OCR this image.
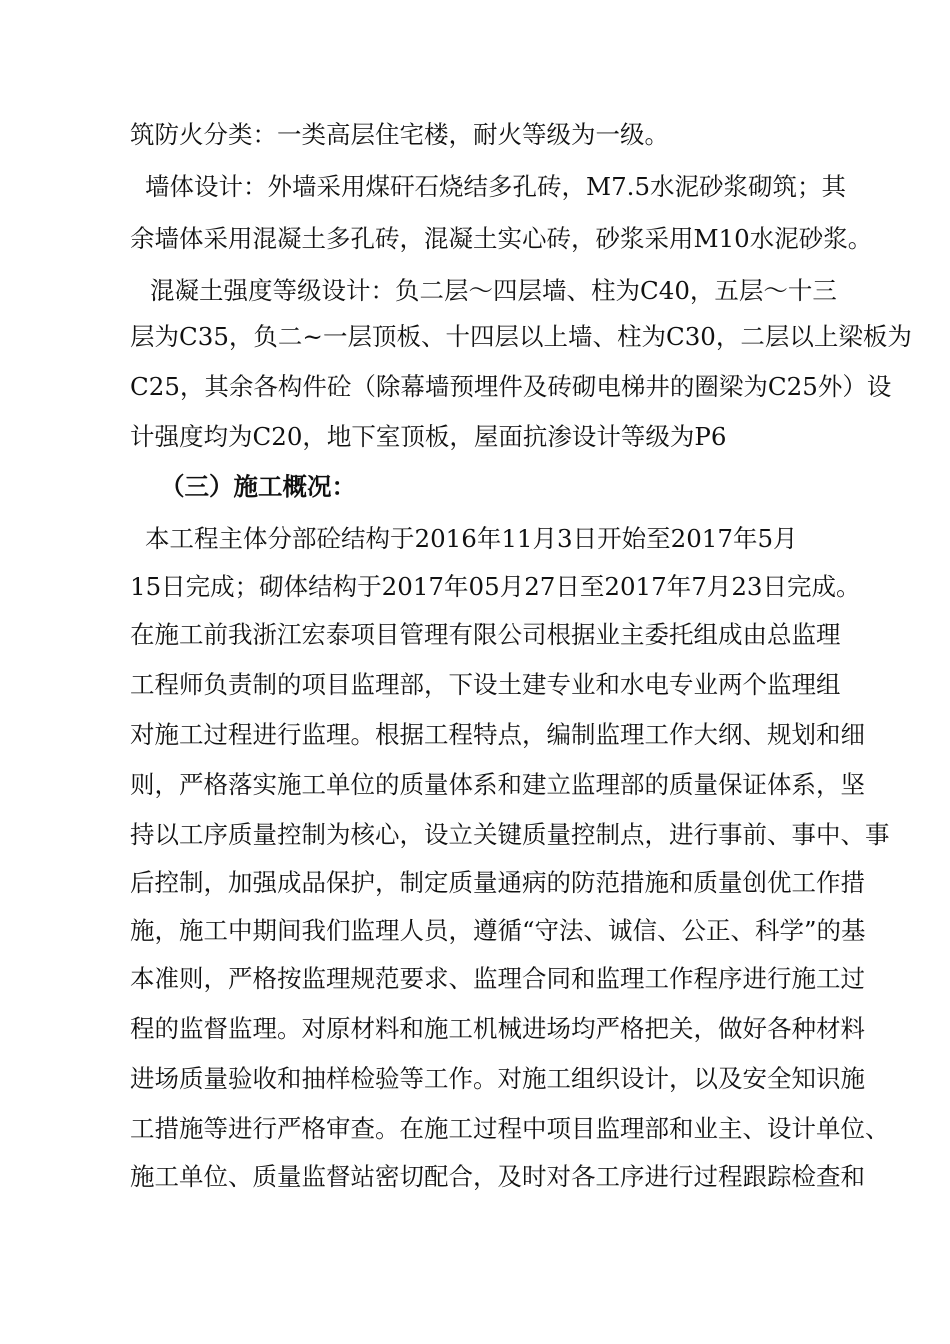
筑防火分类：一类高层住宅楼，耐火等级为一级。
墙体设计：外墙采用煤矸石烧结多孔砖，M7.5水泥砂浆砌筑；其
余墙体采用混凝土多孔砖，混凝土实心砖，砂浆采用M10水泥砂浆。
混凝土强度等级设计：负二层～四层墙、柱为C40，五层～十三
层为C35，负二~一层顶板、十四层以上墙、柱为C30，二层以上梁板为
C25，其余各构件砼（除幕墙预埋件及砖砌电梯井的圈梁为C25外）设
计强度均为C20，地下室顶板，屋面抗渗设计等级为P6
（三）施工概况：
本工程主体分部砼结构于2016年11月3日开始至2017年5月
15日完成；砌体结构于2017年05月27日至2017年7月23日完成。
在施工前我浙江宏泰项目管理有限公司根据业主委托组成由总监理
工程师负责制的项目监理部，下设土建专业和水电专业两个监理组
对施工过程进行监理。根据工程特点，编制监理工作大纲、规划和细
则，严格落实施工单位的质量体系和建立监理部的质量保证体系，坚
持以工序质量控制为核心，设立关键质量控制点，进行事前、事中、事
后控制，加强成品保护，制定质量通病的防范措施和质量创优工作措
施，施工中期间我们监理人员，遵循“守法、诚信、公正、科学”的基
本准则，严格按监理规范要求、监理合同和监理工作程序进行施工过
程的监督监理。对原材料和施工机械进场均严格把关，做好各种材料
进场质量验收和抽样检验等工作。对施工组织设计，以及安全知识施
工措施等进行严格审查。在施工过程中项目监理部和业主、设计单位、
施工单位、质量监督站密切配合，及时对各工序进行过程跟踪检查和
